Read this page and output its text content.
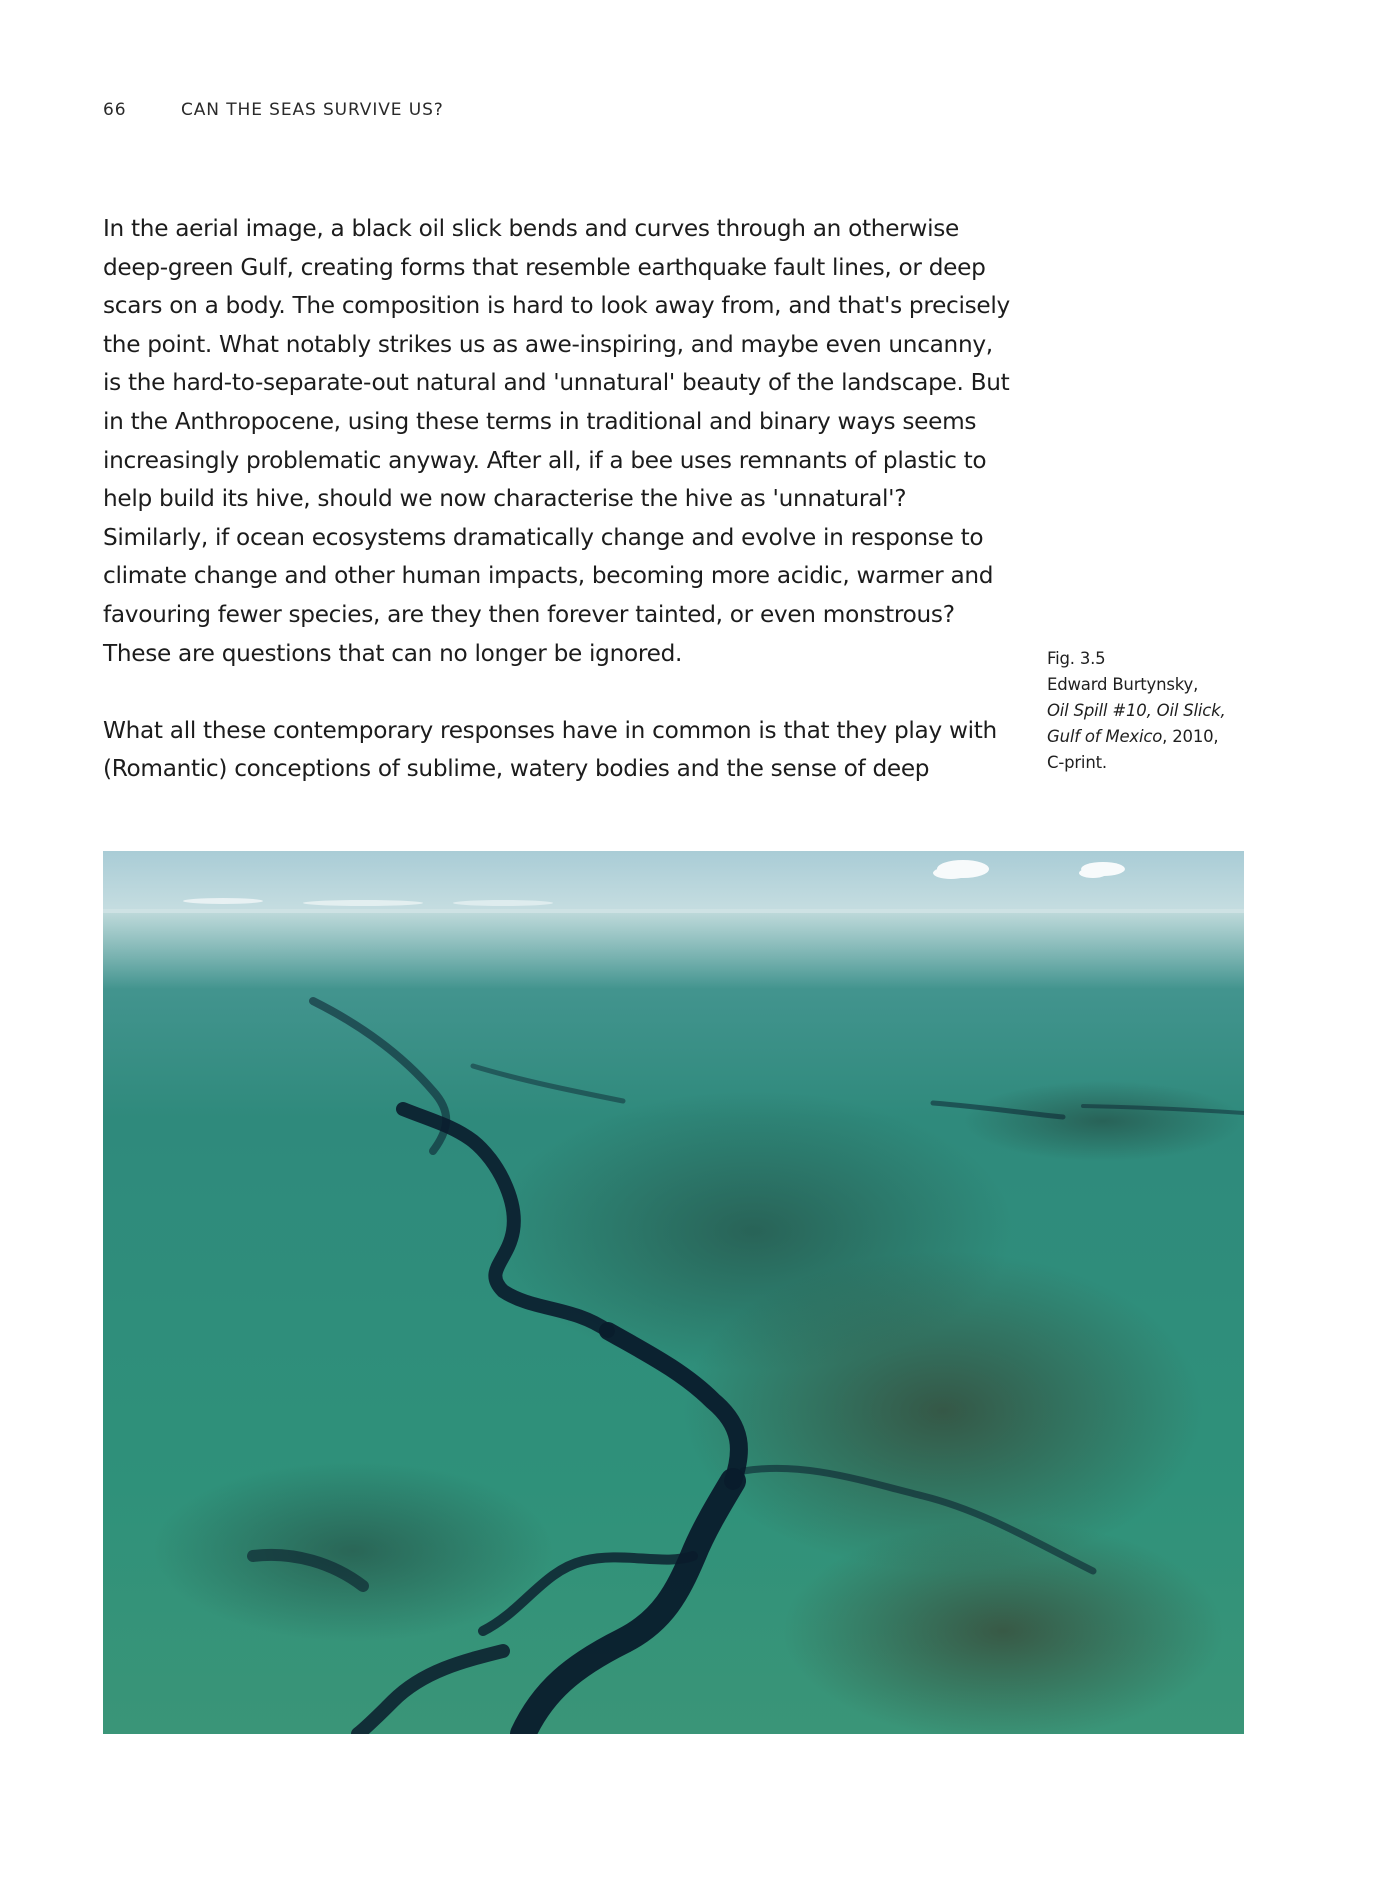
66	CAN THE SEAS SURVIVE US?

In the aerial image, a black oil slick bends and curves through an otherwise deep-green Gulf, creating forms that resemble earthquake fault lines, or deep scars on a body. The composition is hard to look away from, and that's precisely the point. What notably strikes us as awe-inspiring, and maybe even uncanny, is the hard-to-separate-out natural and 'unnatural' beauty of the landscape. But in the Anthropocene, using these terms in traditional and binary ways seems increasingly problematic anyway. After all, if a bee uses remnants of plastic to help build its hive, should we now characterise the hive as 'unnatural'? Similarly, if ocean ecosystems dramatically change and evolve in response to climate change and other human impacts, becoming more acidic, warmer and favouring fewer species, are they then forever tainted, or even monstrous? These are questions that can no longer be ignored.

What all these contemporary responses have in common is that they play with (Romantic) conceptions of sublime, watery bodies and the sense of deep

Fig. 3.5
Edward Burtynsky,
Oil Spill #10, Oil Slick,
Gulf of Mexico, 2010,
C-print.
